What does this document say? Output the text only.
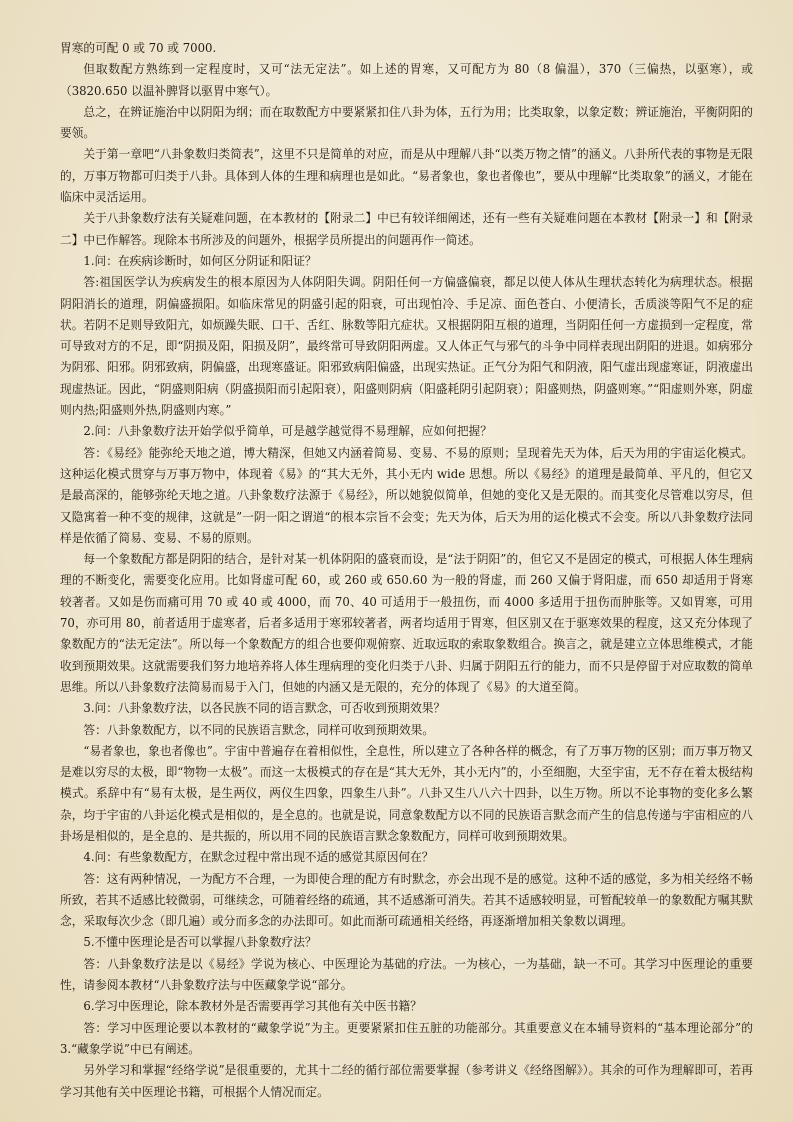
胃寒的可配 0 或 70 或 7000.

但取数配方熟练到一定程度时，又可“法无定法”。如上述的胃寒，又可配方为 80（8 偏温），370（三偏热，以驱寒），或（3820.650 以温补脾肾以驱胃中寒气）。

总之，在辨证施治中以阴阳为纲；而在取数配方中要紧紧扣住八卦为体，五行为用；比类取象，以象定数；辨证施治，平衡阴阳的要领。

关于第一章吧“八卦象数归类简表”，这里不只是简单的对应，而是从中理解八卦“以类万物之情”的涵义。八卦所代表的事物是无限的，万事万物都可归类于八卦。具体到人体的生理和病理也是如此。“易者象也，象也者像也”，要从中理解“比类取象”的涵义，才能在临床中灵活运用。

关于八卦象数疗法有关疑难问题，在本教材的【附录二】中已有较详细阐述，还有一些有关疑难问题在本教材【附录一】和【附录二】中已作解答。现除本书所涉及的问题外，根据学员所提出的问题再作一简述。

1.问：在疾病诊断时，如何区分阴证和阳证？

答:祖国医学认为疾病发生的根本原因为人体阴阳失调。阴阳任何一方偏盛偏衰，都足以使人体从生理状态转化为病理状态。根据阴阳消长的道理，阴偏盛损阳。如临床常见的阴盛引起的阳衰，可出现怕冷、手足凉、面色苍白、小便清长，舌质淡等阳气不足的症状。若阴不足则导致阳亢，如烦躁失眠、口干、舌红、脉数等阳亢症状。又根据阴阳互根的道理，当阴阳任何一方虚损到一定程度，常可导致对方的不足，即“阴损及阳，阳损及阴”，最终常可导致阴阳两虚。又人体正气与邪气的斗争中同样表现出阴阳的进退。如病邪分为阴邪、阳邪。阴邪致病，阴偏盛，出现寒盛证。阳邪致病阳偏盛，出现实热证。正气分为阳气和阴液，阳气虚出现虚寒证，阴液虚出现虚热证。因此，“阴盛则阳病（阴盛损阳而引起阳衰），阳盛则阴病（阳盛耗阴引起阴衰）；阳盛则热，阴盛则寒。”“阳虚则外寒，阴虚则内热;阳盛则外热,阴盛则内寒。”

2.问：八卦象数疗法开始学似乎简单，可是越学越觉得不易理解，应如何把握？

答：《易经》能弥纶天地之道，博大精深，但她又内涵着简易、变易、不易的原则；呈现着先天为体，后天为用的宇宙运化模式。这种运化模式贯穿与万事万物中，体现着《易》的“其大无外，其小无内 wide 思想。所以《易经》的道理是最简单、平凡的，但它又是最高深的，能够弥纶天地之道。八卦象数疗法源于《易经》，所以她貌似简单，但她的变化又是无限的。而其变化尽管难以穷尽，但又隐寓着一种不变的规律，这就是”一阴一阳之谓道“的根本宗旨不会变；先天为体，后天为用的运化模式不会变。所以八卦象数疗法同样是依循了简易、变易、不易的原则。

每一个象数配方都是阴阳的结合，是针对某一机体阴阳的盛衰而设，是“法于阴阳”的，但它又不是固定的模式，可根据人体生理病理的不断变化，需要变化应用。比如肾虚可配 60，或 260 或 650.60 为一般的肾虚，而 260 又偏于肾阳虚，而 650 却适用于肾寒较著者。又如是伤而痛可用 70 或 40 或 4000，而 70、40 可适用于一般扭伤，而 4000 多适用于扭伤而肿胀等。又如胃寒，可用 70，亦可用 80，前者适用于虚寒者，后者多适用于寒邪较著者，两者均适用于胃寒，但区别又在于驱寒效果的程度，这又充分体现了象数配方的“法无定法”。所以每一个象数配方的组合也要仰观俯察、近取远取的索取象数组合。换言之，就是建立立体思维模式，才能收到预期效果。这就需要我们努力地培养将人体生理病理的变化归类于八卦、归属于阴阳五行的能力，而不只是停留于对应取数的简单思维。所以八卦象数疗法简易而易于入门，但她的内涵又是无限的，充分的体现了《易》的大道至简。

3.问：八卦象数疗法，以各民族不同的语言默念，可否收到预期效果？

答：八卦象数配方，以不同的民族语言默念，同样可收到预期效果。

“易者象也，象也者像也”。宇宙中普遍存在着相似性，全息性，所以建立了各种各样的概念，有了万事万物的区别；而万事万物又是难以穷尽的太极，即“物物一太极”。而这一太极模式的存在是“其大无外，其小无内”的，小至细胞，大至宇宙，无不存在着太极结构模式。系辞中有“易有太极，是生两仪，两仪生四象，四象生八卦”。八卦又生八八六十四卦，以生万物。所以不论事物的变化多么繁杂，均于宇宙的八卦运化模式是相似的，是全息的。也就是说，同意象数配方以不同的民族语言默念而产生的信息传递与宇宙相应的八卦场是相似的，是全息的、是共振的，所以用不同的民族语言默念象数配方，同样可收到预期效果。

4.问：有些象数配方，在默念过程中常出现不适的感觉其原因何在？

答：这有两种情况，一为配方不合理，一为即使合理的配方有时默念，亦会出现不是的感觉。这种不适的感觉，多为相关经络不畅所致，若其不适感比较微弱，可继续念，可随着经络的疏通，其不适感渐可消失。若其不适感较明显，可暂配较单一的象数配方嘱其默念，采取每次少念（即几遍）或分而多念的办法即可。如此而渐可疏通相关经络，再逐渐增加相关象数以调理。

5.不懂中医理论是否可以掌握八卦象数疗法？

答：八卦象数疗法是以《易经》学说为核心、中医理论为基础的疗法。一为核心，一为基础，缺一不可。其学习中医理论的重要性，请参阅本教材“八卦象数疗法与中医藏象学说“部分。

6.学习中医理论，除本教材外是否需要再学习其他有关中医书籍？

答：学习中医理论要以本教材的“藏象学说”为主。更要紧紧扣住五脏的功能部分。其重要意义在本辅导资料的“基本理论部分”的 3.“藏象学说”中已有阐述。

另外学习和掌握“经络学说”是很重要的，尤其十二经的循行部位需要掌握（参考讲义《经络图解》）。其余的可作为理解即可，若再学习其他有关中医理论书籍，可根据个人情况而定。
